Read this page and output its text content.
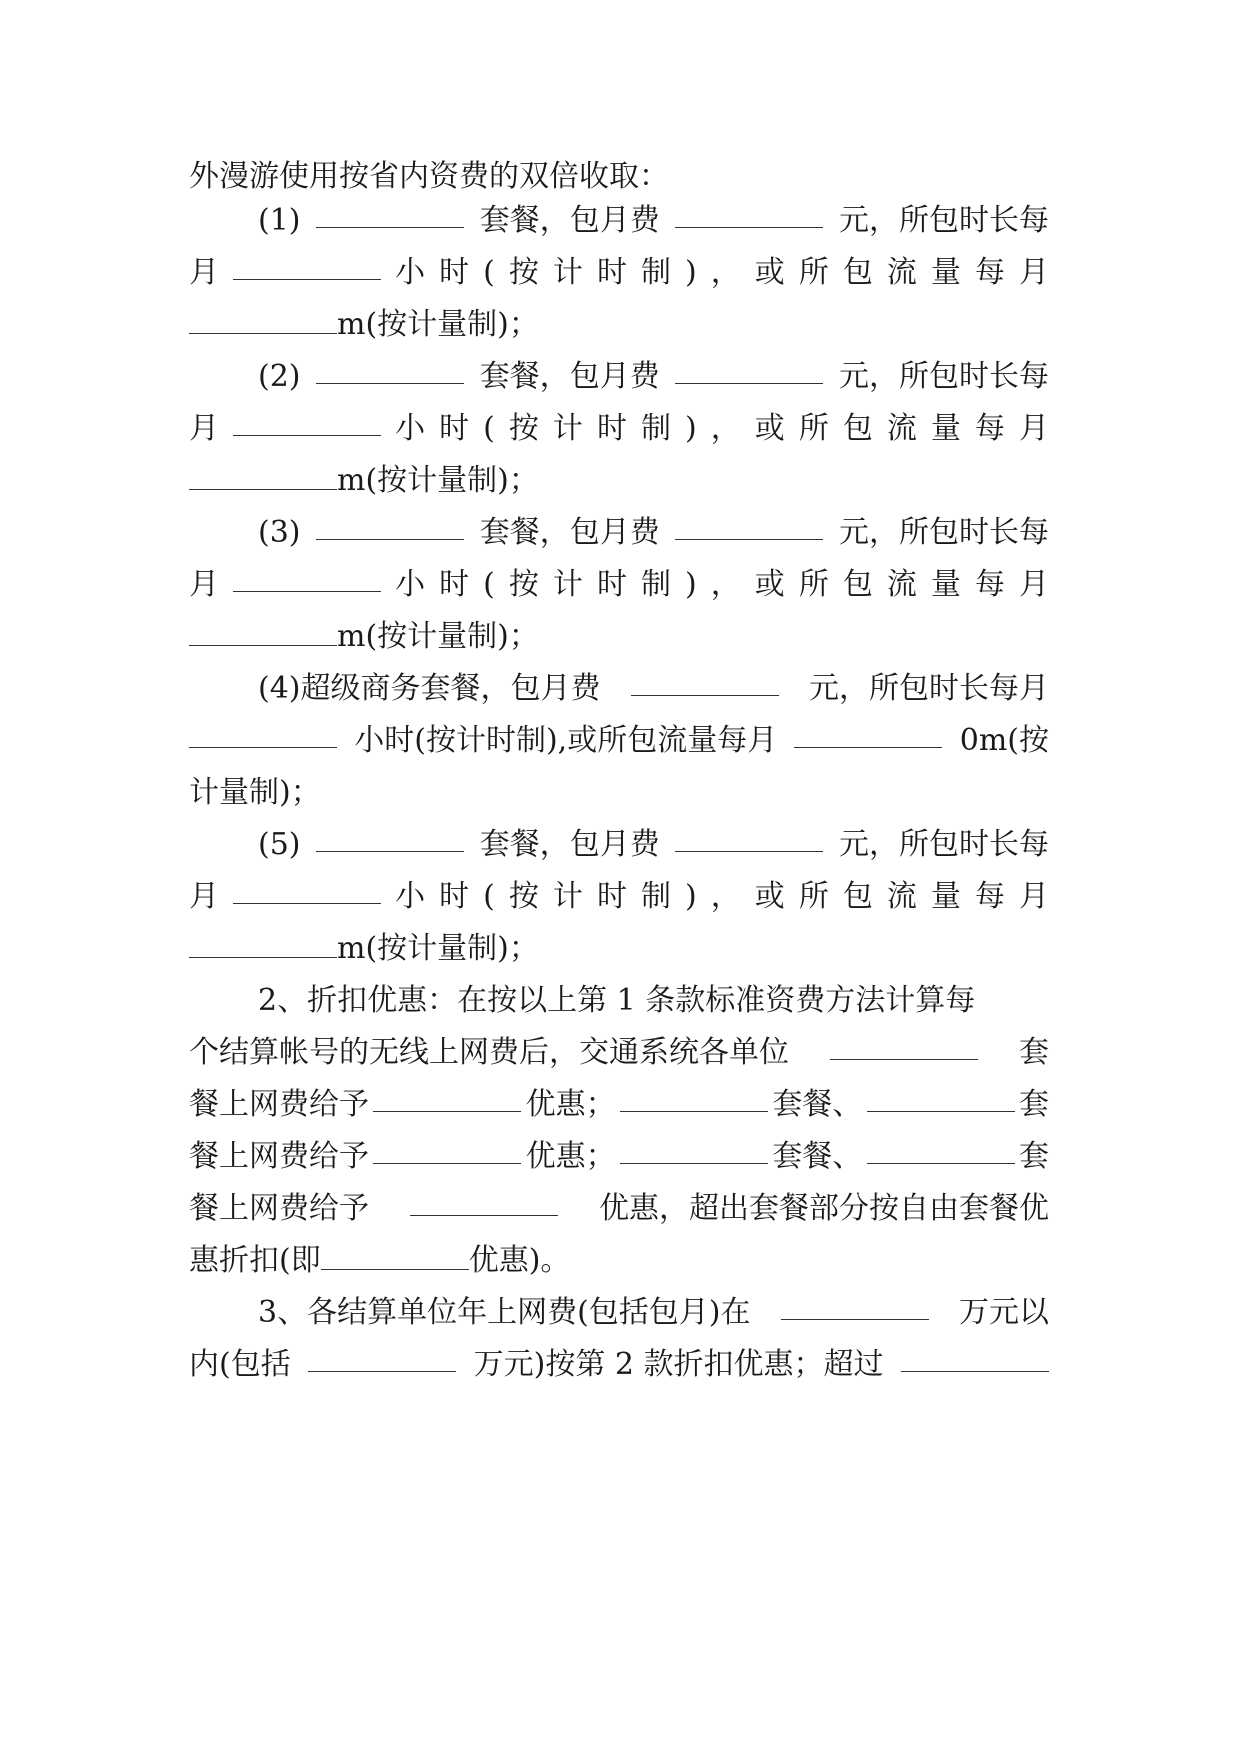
外漫游使用按省内资费的双倍收取：
(1)	套餐，包月费	元，所包时长每
月	小 时 ( 按 计 时 制 ) ， 或 所 包 流 量 每 月
m(按计量制)；
(2)	套餐，包月费	元，所包时长每
月	小 时 ( 按 计 时 制 ) ， 或 所 包 流 量 每 月
m(按计量制)；
(3)	套餐，包月费	元，所包时长每
月	小 时 ( 按 计 时 制 ) ， 或 所 包 流 量 每 月
m(按计量制)；
(4)超级商务套餐，包月费	元，所包时长每月
小时(按计时制),或所包流量每月	0m(按
计量制)；
(5)	套餐，包月费	元，所包时长每
月	小 时 ( 按 计 时 制 ) ， 或 所 包 流 量 每 月
m(按计量制)；
2、折扣优惠：在按以上第 1 条款标准资费方法计算每
个结算帐号的无线上网费后，交通系统各单位	套
餐上网费给予	优惠；	套餐、	套
餐上网费给予	优惠；	套餐、	套
餐上网费给予	优惠，超出套餐部分按自由套餐优
惠折扣(即	优惠)。
3、各结算单位年上网费(包括包月)在	万元以
内(包括	万元)按第 2 款折扣优惠；超过
